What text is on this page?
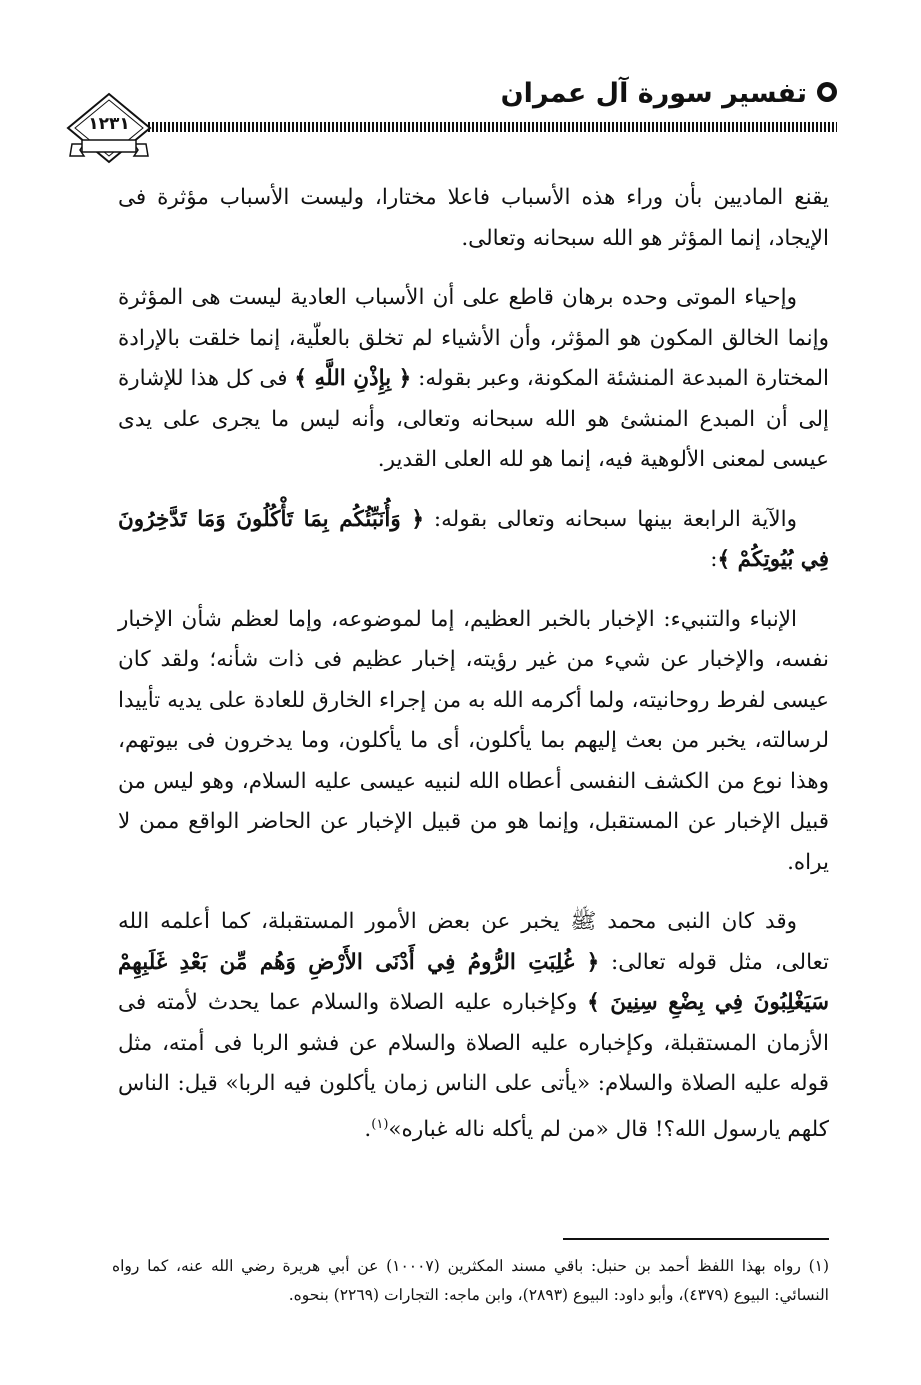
تفسير سورة آل عمران
١٢٣١

يقنع الماديين بأن وراء هذه الأسباب فاعلا مختارا، وليست الأسباب مؤثرة فى الإيجاد، إنما المؤثر هو الله سبحانه وتعالى.

وإحياء الموتى وحده برهان قاطع على أن الأسباب العادية ليست هى المؤثرة وإنما الخالق المكون هو المؤثر، وأن الأشياء لم تخلق بالعلّية، إنما خلقت بالإرادة المختارة المبدعة المنشئة المكونة، وعبر بقوله: ﴿ بِإِذْنِ اللَّهِ ﴾ فى كل هذا للإشارة إلى أن المبدع المنشئ هو الله سبحانه وتعالى، وأنه ليس ما يجرى على يدى عيسى لمعنى الألوهية فيه، إنما هو لله العلى القدير.

والآية الرابعة بينها سبحانه وتعالى بقوله: ﴿ وَأُنَبِّئُكُم بِمَا تَأْكُلُونَ وَمَا تَدَّخِرُونَ فِي بُيُوتِكُمْ ﴾:

الإنباء والتنبيء: الإخبار بالخبر العظيم، إما لموضوعه، وإما لعظم شأن الإخبار نفسه، والإخبار عن شيء من غير رؤيته، إخبار عظيم فى ذات شأنه؛ ولقد كان عيسى لفرط روحانيته، ولما أكرمه الله به من إجراء الخارق للعادة على يديه تأييدا لرسالته، يخبر من بعث إليهم بما يأكلون، أى ما يأكلون، وما يدخرون فى بيوتهم، وهذا نوع من الكشف النفسى أعطاه الله لنبيه عيسى عليه السلام، وهو ليس من قبيل الإخبار عن المستقبل، وإنما هو من قبيل الإخبار عن الحاضر الواقع ممن لا يراه.

وقد كان النبى محمد ﷺ يخبر عن بعض الأمور المستقبلة، كما أعلمه الله تعالى، مثل قوله تعالى: ﴿ غُلِبَتِ الرُّومُ فِي أَدْنَى الأَرْضِ وَهُم مِّن بَعْدِ غَلَبِهِمْ سَيَغْلِبُونَ فِي بِضْعِ سِنِينَ ﴾ وكإخباره عليه الصلاة والسلام عما يحدث لأمته فى الأزمان المستقبلة، وكإخباره عليه الصلاة والسلام عن فشو الربا فى أمته، مثل قوله عليه الصلاة والسلام: «يأتى على الناس زمان يأكلون فيه الربا» قيل: الناس كلهم يارسول الله؟! قال «من لم يأكله ناله غباره»$^{(١)}$.

(١) رواه بهذا اللفظ أحمد بن حنبل: باقي مسند المكثرين (١٠٠٠٧) عن أبي هريرة رضي الله عنه، كما رواه النسائي: البيوع (٤٣٧٩)، وأبو داود: البيوع (٢٨٩٣)، وابن ماجه: التجارات (٢٢٦٩) بنحوه.
